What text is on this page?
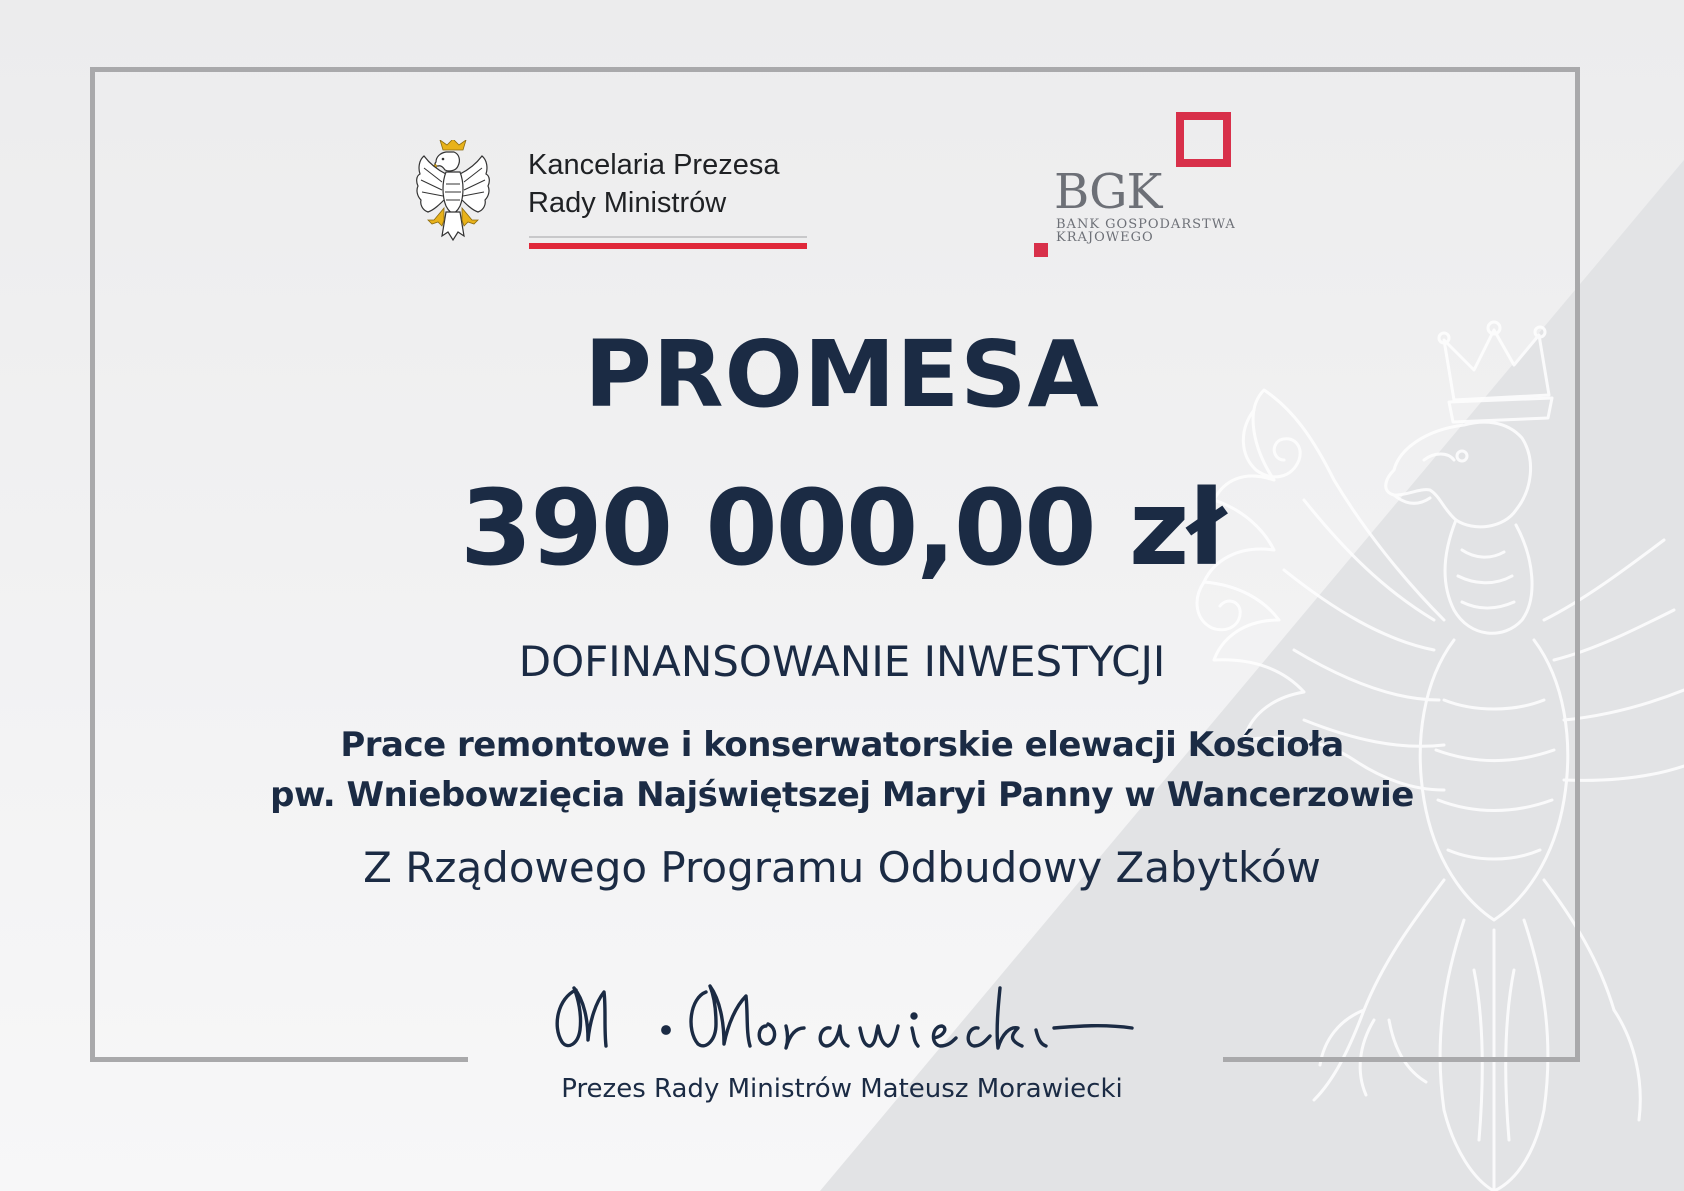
Kancelaria Prezesa
Rady Ministrów	BGK
BANK GOSPODARSTWA
KRAJOWEGO
PROMESA
390 000,00 zł
DOFINANSOWANIE INWESTYCJI
Prace remontowe i konserwatorskie elewacji Kościoła
pw. Wniebowzięcia Najświętszej Maryi Panny w Wancerzowie
Z Rządowego Programu Odbudowy Zabytków
Prezes Rady Ministrów Mateusz Morawiecki
